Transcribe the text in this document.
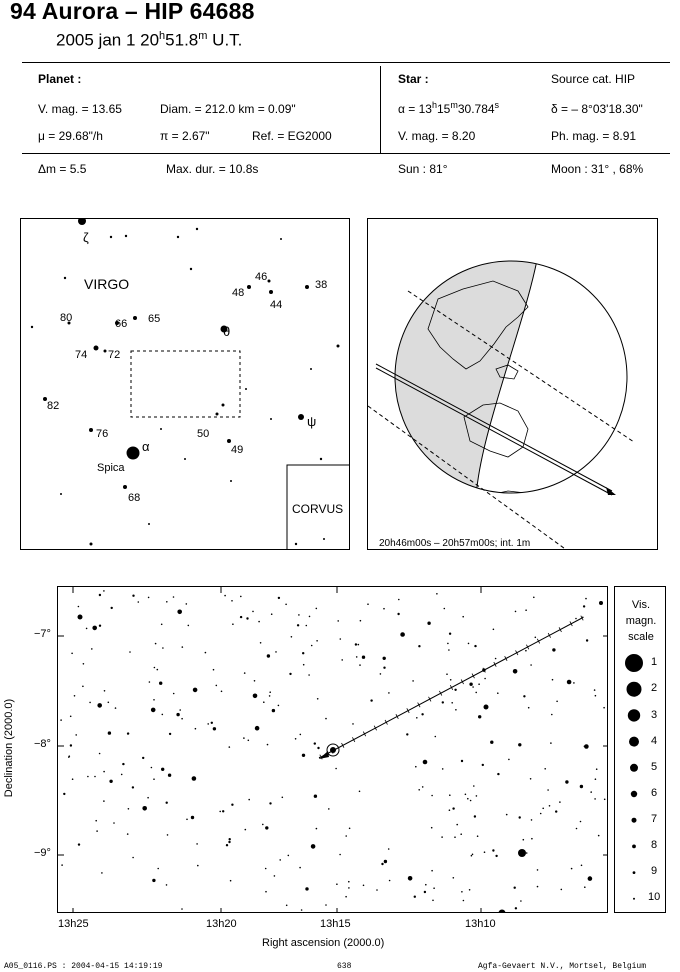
94 Aurora – HIP 64688
2005 jan 1 20$^h$51.8$^m$ U.T.
Planet :
V. mag. = 13.65	Diam. = 212.0 km = 0.09"
μ = 29.68"/h	π = 2.67"	Ref. = EG2000
Δm = 5.5	Max. dur. = 10.8s
Star :	Source cat. HIP
$\alpha = 13^h15^m30.784^s$	δ = – 8°03'18.30"
V. mag. = 8.20	Ph. mag. = 8.91
Sun : 81°	Moon : 31° , 68%
VIRGO
CORVUS
ζ
θ
ψ
α
Spica
46
48
44
38
80	66 65
74 72
82
76	50
49
68
20h46m00s – 20h57m00s; int. 1m
13h25	13h20	13h15	13h10
Right ascension (2000.0)
−7°
−8°
−9°
Declination (2000.0)
Vis.
magn.
scale
1
2
3
4
5
6
7
8
9
10
A05_0116.PS : 2004-04-15 14:19:19	638	Agfa-Gevaert N.V., Mortsel, Belgium
